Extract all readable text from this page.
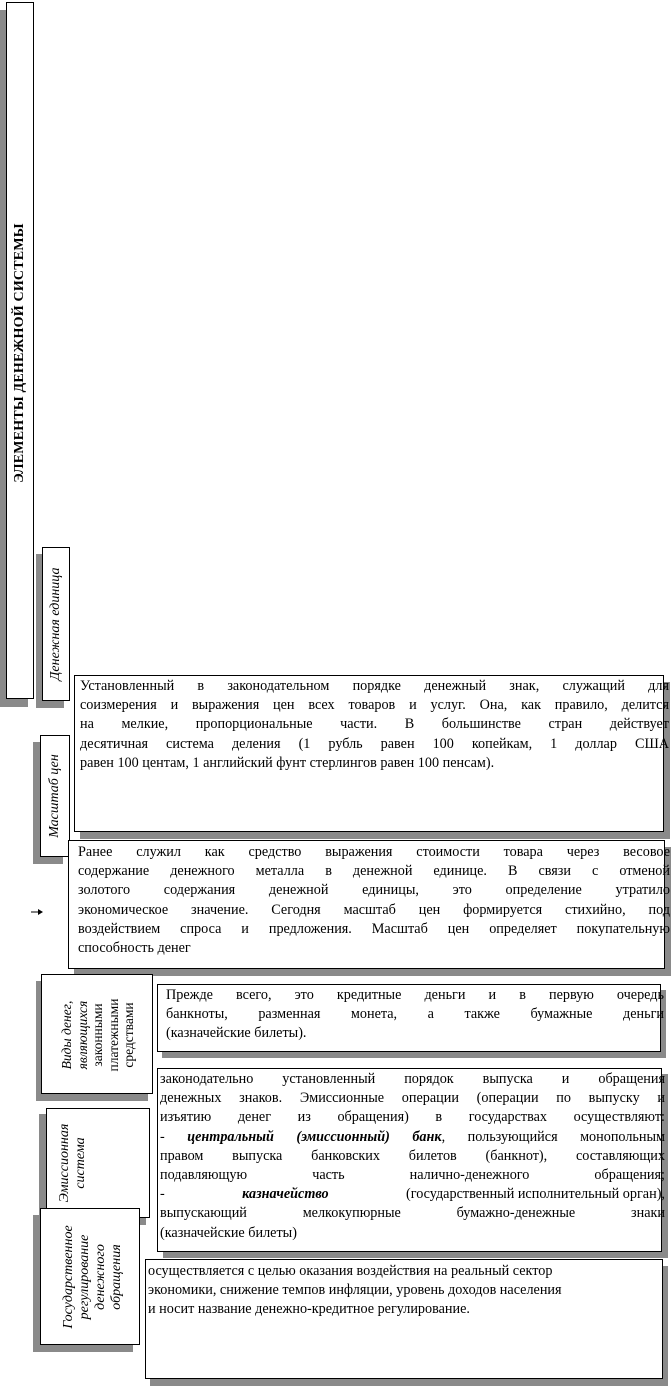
ЭЛЕМЕНТЫ ДЕНЕЖНОЙ СИСТЕМЫ
Денежная единица
Установленный в законодательном порядке денежный знак, служащий для
соизмерения и выражения цен всех товаров и услуг. Она, как правило, делится
на мелкие, пропорциональные части. В большинстве стран действует
десятичная система деления (1 рубль равен 100 копейкам, 1 доллар США
равен 100 центам, 1 английский фунт стерлингов равен 100 пенсам).
Масштаб цен
Ранее служил как средство выражения стоимости товара через весовое
содержание денежного металла в денежной единице. В связи с отменой
золотого содержания денежной единицы, это определение утратило
экономическое значение. Сегодня масштаб цен формируется стихийно, под
воздействием спроса и предложения. Масштаб цен определяет покупательную
способность денег
Виды денег, являющихся законными платежными средствами
Прежде всего, это кредитные деньги и в первую очередь
банкноты, разменная монета, а также бумажные деньги
(казначейские билеты).
Эмиссионная система
законодательно установленный порядок выпуска и обращения
денежных знаков. Эмиссионные операции (операции по выпуску и
изъятию денег из обращения) в государствах осуществляют:
- центральный (эмиссионный) банк, пользующийся монопольным
правом выпуска банковских билетов (банкнот), составляющих
подавляющую часть налично-денежного обращения;
-	казначейство	(государственный исполнительный орган),
выпускающий мелкокупюрные бумажно-денежные знаки
(казначейские билеты)
Государственное регулирование денежного обращения осуществляется с целью оказания воздействия на реальный сектор
экономики, снижение темпов инфляции, уровень доходов населения
и носит название денежно-кредитное регулирование.
